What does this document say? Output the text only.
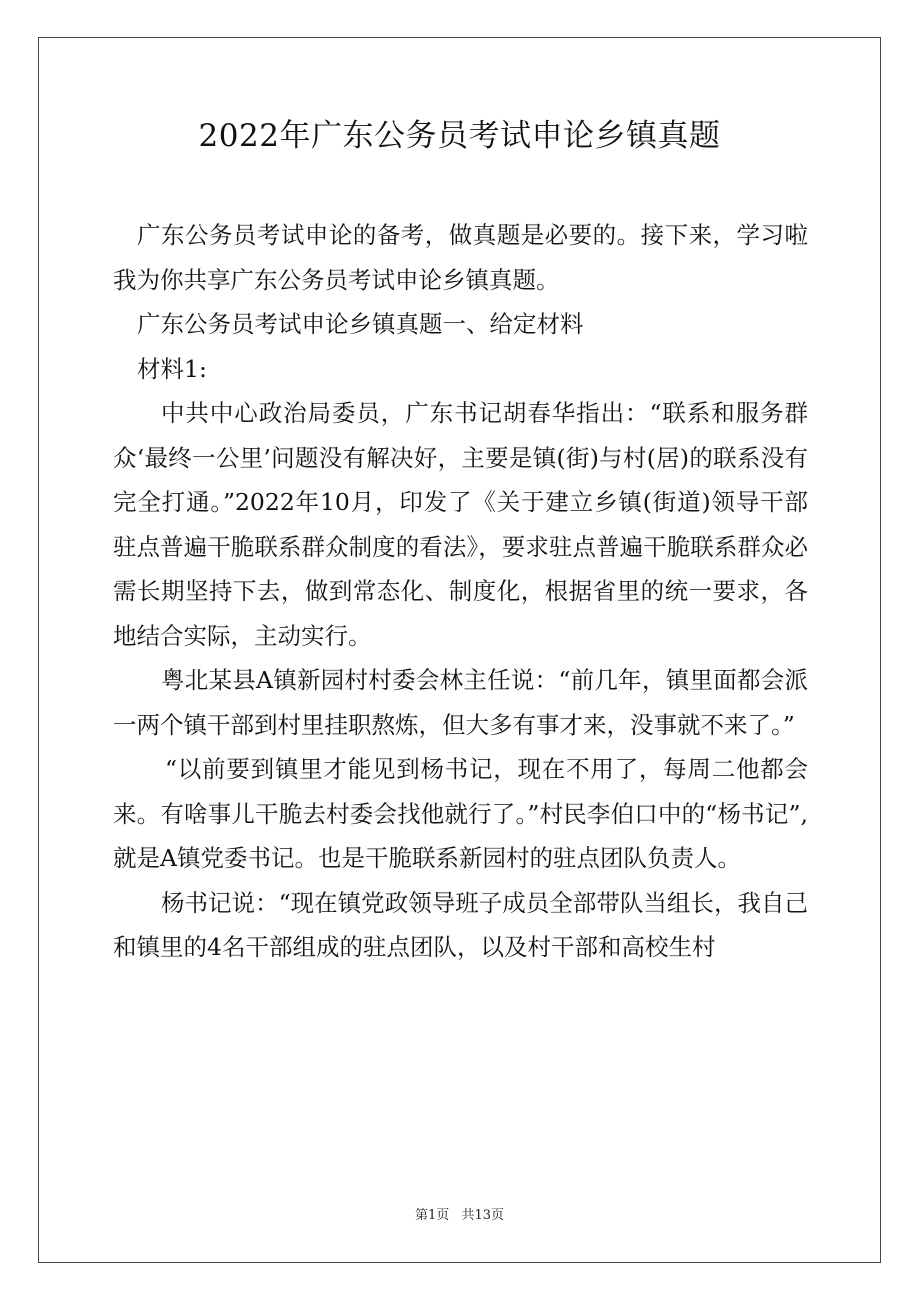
2022年广东公务员考试申论乡镇真题

广东公务员考试申论的备考，做真题是必要的。接下来，学习啦我为你共享广东公务员考试申论乡镇真题。

广东公务员考试申论乡镇真题一、给定材料

材料1:

中共中心政治局委员，广东书记胡春华指出：“联系和服务群众‘最终一公里’问题没有解决好，主要是镇(街)与村(居)的联系没有完全打通。”2022年10月，印发了《关于建立乡镇(街道)领导干部驻点普遍干脆联系群众制度的看法》，要求驻点普遍干脆联系群众必需长期坚持下去，做到常态化、制度化，根据省里的统一要求，各地结合实际，主动实行。

粤北某县A镇新园村村委会林主任说：“前几年，镇里面都会派一两个镇干部到村里挂职熬炼，但大多有事才来，没事就不来了。”

“以前要到镇里才能见到杨书记，现在不用了，每周二他都会来。有啥事儿干脆去村委会找他就行了。”村民李伯口中的“杨书记”,就是A镇党委书记。也是干脆联系新园村的驻点团队负责人。

杨书记说：“现在镇党政领导班子成员全部带队当组长，我自己和镇里的4名干部组成的驻点团队，以及村干部和高校生村

第1页 共13页
